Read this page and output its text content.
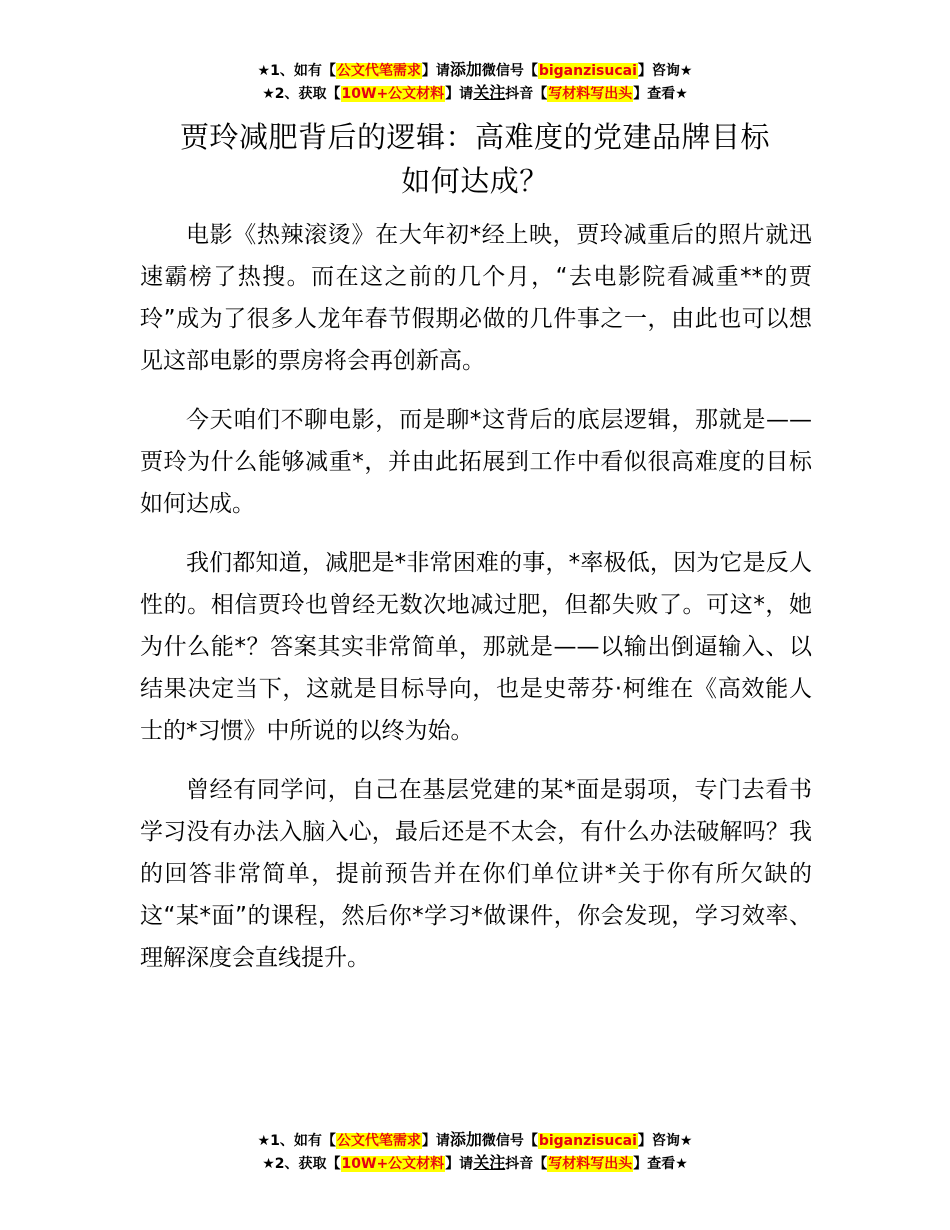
★1、如有【公文代笔需求】请添加微信号【biganzisucai】咨询★
★2、获取【10W+公文材料】请关注抖音【写材料写出头】查看★
贾玲减肥背后的逻辑：高难度的党建品牌目标
如何达成？

电影《热辣滚烫》在大年初*经上映，贾玲减重后的照片就迅速霸榜了热搜。而在这之前的几个月，“去电影院看减重**的贾玲”成为了很多人龙年春节假期必做的几件事之一，由此也可以想见这部电影的票房将会再创新高。

今天咱们不聊电影，而是聊*这背后的底层逻辑，那就是——贾玲为什么能够减重*，并由此拓展到工作中看似很高难度的目标如何达成。

我们都知道，减肥是*非常困难的事，*率极低，因为它是反人性的。相信贾玲也曾经无数次地减过肥，但都失败了。可这*，她为什么能*？答案其实非常简单，那就是——以输出倒逼输入、以结果决定当下，这就是目标导向，也是史蒂芬·柯维在《高效能人士的*习惯》中所说的以终为始。

曾经有同学问，自己在基层党建的某*面是弱项，专门去看书学习没有办法入脑入心，最后还是不太会，有什么办法破解吗？我的回答非常简单，提前预告并在你们单位讲*关于你有所欠缺的这“某*面”的课程，然后你*学习*做课件，你会发现，学习效率、理解深度会直线提升。

★1、如有【公文代笔需求】请添加微信号【biganzisucai】咨询★
★2、获取【10W+公文材料】请关注抖音【写材料写出头】查看★
